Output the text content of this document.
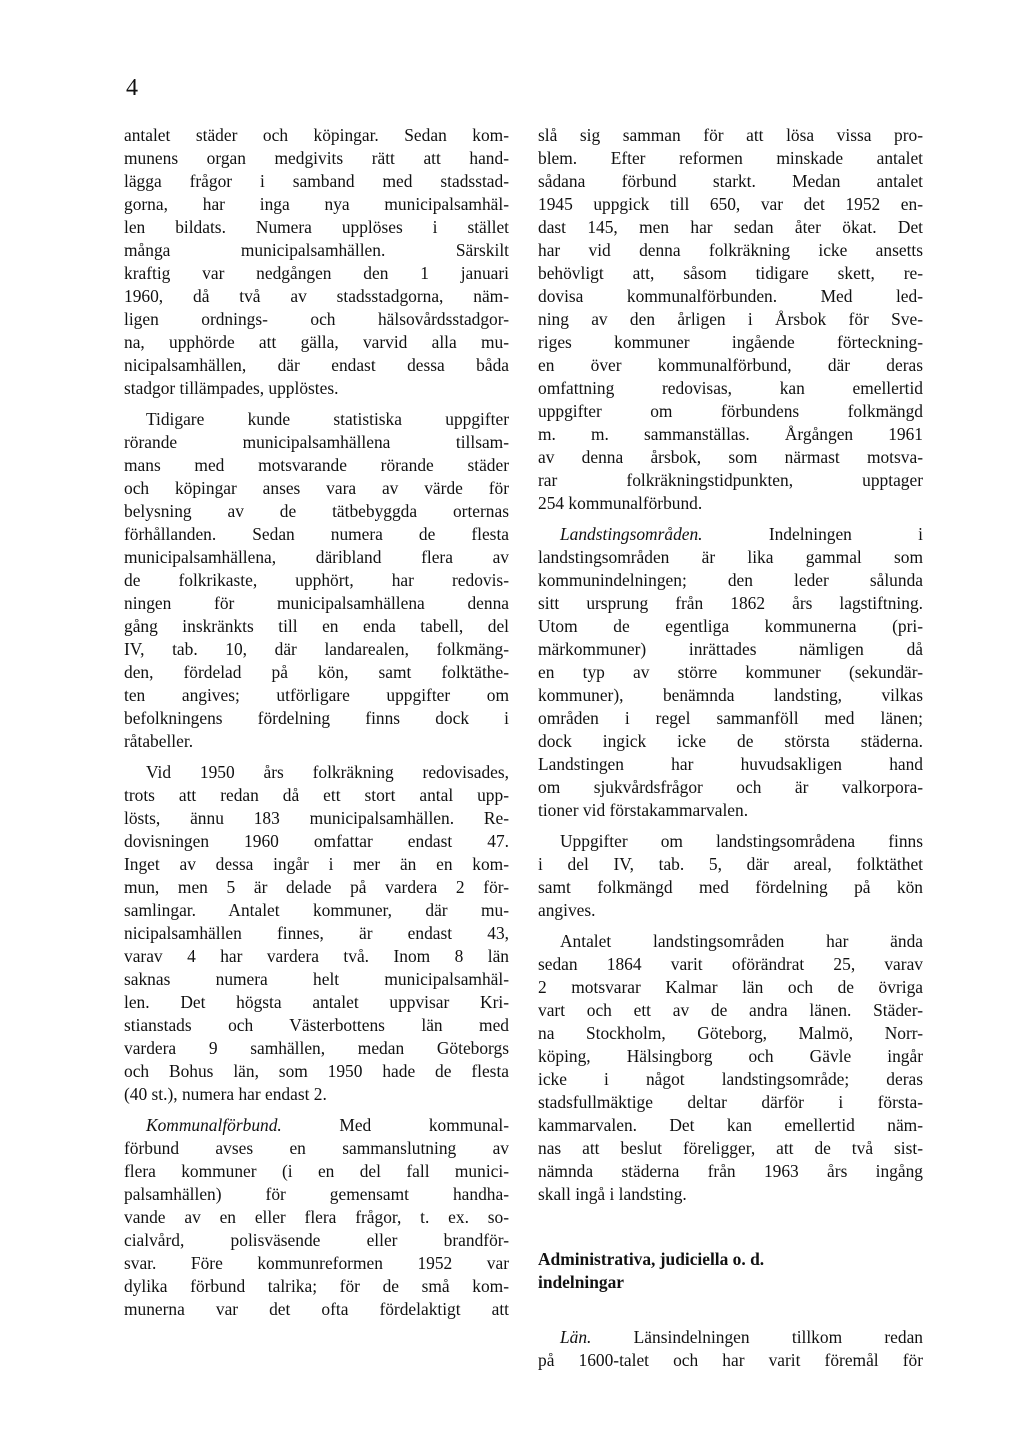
4
antalet städer och köpingar. Sedan kom-
munens organ medgivits rätt att hand-
lägga frågor i samband med stadsstad-
gorna, har inga nya municipalsamhäl-
len bildats. Numera upplöses i stället
många municipalsamhällen. Särskilt
kraftig var nedgången den 1 januari
1960, då två av stadsstadgorna, näm-
ligen ordnings- och hälsovårdsstadgor-
na, upphörde att gälla, varvid alla mu-
nicipalsamhällen, där endast dessa båda
stadgor tillämpades, upplöstes.
Tidigare kunde statistiska uppgifter
rörande municipalsamhällena tillsam-
mans med motsvarande rörande städer
och köpingar anses vara av värde för
belysning av de tätbebyggda orternas
förhållanden. Sedan numera de flesta
municipalsamhällena, däribland flera av
de folkrikaste, upphört, har redovis-
ningen för municipalsamhällena denna
gång inskränkts till en enda tabell, del
IV, tab. 10, där landarealen, folkmäng-
den, fördelad på kön, samt folktäthe-
ten angives; utförligare uppgifter om
befolkningens fördelning finns dock i
råtabeller.
Vid 1950 års folkräkning redovisades,
trots att redan då ett stort antal upp-
lösts, ännu 183 municipalsamhällen. Re-
dovisningen 1960 omfattar endast 47.
Inget av dessa ingår i mer än en kom-
mun, men 5 är delade på vardera 2 för-
samlingar. Antalet kommuner, där mu-
nicipalsamhällen finnes, är endast 43,
varav 4 har vardera två. Inom 8 län
saknas numera helt municipalsamhäl-
len. Det högsta antalet uppvisar Kri-
stianstads och Västerbottens län med
vardera 9 samhällen, medan Göteborgs
och Bohus län, som 1950 hade de flesta
(40 st.), numera har endast 2.
Kommunalförbund. Med kommunal-
förbund avses en sammanslutning av
flera kommuner (i en del fall munici-
palsamhällen) för gemensamt handha-
vande av en eller flera frågor, t. ex. so-
cialvård, polisväsende eller brandför-
svar. Före kommunreformen 1952 var
dylika förbund talrika; för de små kom-
munerna var det ofta fördelaktigt att
slå sig samman för att lösa vissa pro-
blem. Efter reformen minskade antalet
sådana förbund starkt. Medan antalet
1945 uppgick till 650, var det 1952 en-
dast 145, men har sedan åter ökat. Det
har vid denna folkräkning icke ansetts
behövligt att, såsom tidigare skett, re-
dovisa kommunalförbunden. Med led-
ning av den årligen i Årsbok för Sve-
riges kommuner ingående förteckning-
en över kommunalförbund, där deras
omfattning redovisas, kan emellertid
uppgifter om förbundens folkmängd
m. m. sammanställas. Årgången 1961
av denna årsbok, som närmast motsva-
rar folkräkningstidpunkten, upptager
254 kommunalförbund.
Landstingsområden. Indelningen i
landstingsområden är lika gammal som
kommunindelningen; den leder sålunda
sitt ursprung från 1862 års lagstiftning.
Utom de egentliga kommunerna (pri-
märkommuner) inrättades nämligen då
en typ av större kommuner (sekundär-
kommuner), benämnda landsting, vilkas
områden i regel sammanföll med länen;
dock ingick icke de största städerna.
Landstingen har huvudsakligen hand
om sjukvårdsfrågor och är valkorpora-
tioner vid förstakammarvalen.
Uppgifter om landstingsområdena finns
i del IV, tab. 5, där areal, folktäthet
samt folkmängd med fördelning på kön
angives.
Antalet landstingsområden har ända
sedan 1864 varit oförändrat 25, varav
2 motsvarar Kalmar län och de övriga
vart och ett av de andra länen. Städer-
na Stockholm, Göteborg, Malmö, Norr-
köping, Hälsingborg och Gävle ingår
icke i något landstingsområde; deras
stadsfullmäktige deltar därför i första-
kammarvalen. Det kan emellertid näm-
nas att beslut föreligger, att de två sist-
nämnda städerna från 1963 års ingång
skall ingå i landsting.
Administrativa, judiciella o. d.
indelningar
Län. Länsindelningen tillkom redan
på 1600-talet och har varit föremål för
